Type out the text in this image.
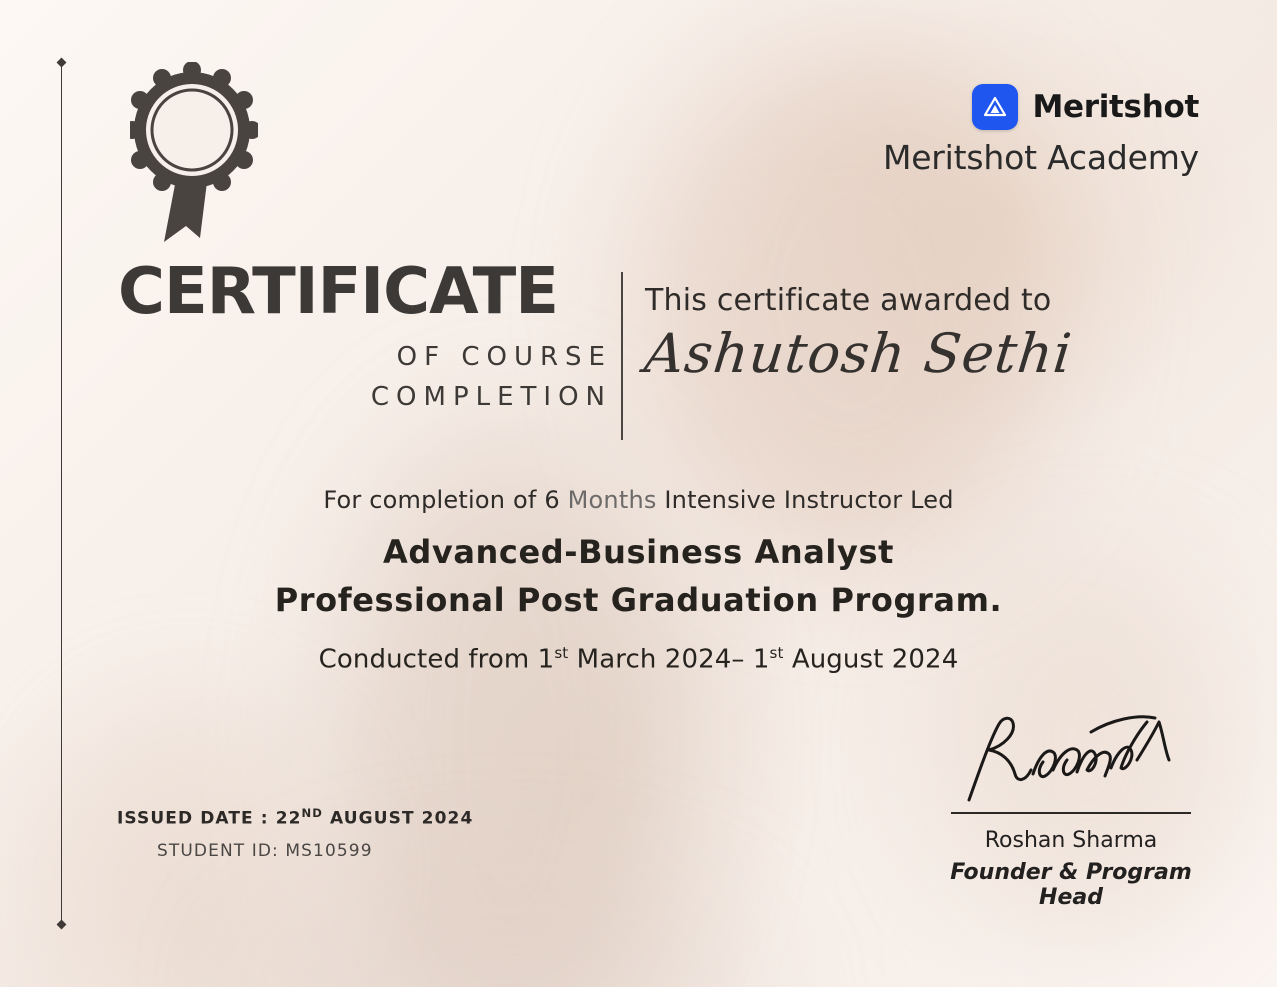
Meritshot
Meritshot Academy
CERTIFICATE
OF COURSE
COMPLETION
This certificate awarded to
Ashutosh Sethi
For completion of 6 Months Intensive Instructor Led
Advanced-Business Analyst
Professional Post Graduation Program.
Conducted from 1st March 2024– 1st August 2024
ISSUED DATE : 22ND AUGUST 2024
STUDENT ID: MS10599	Roshan Sharma
Founder & Program Head
